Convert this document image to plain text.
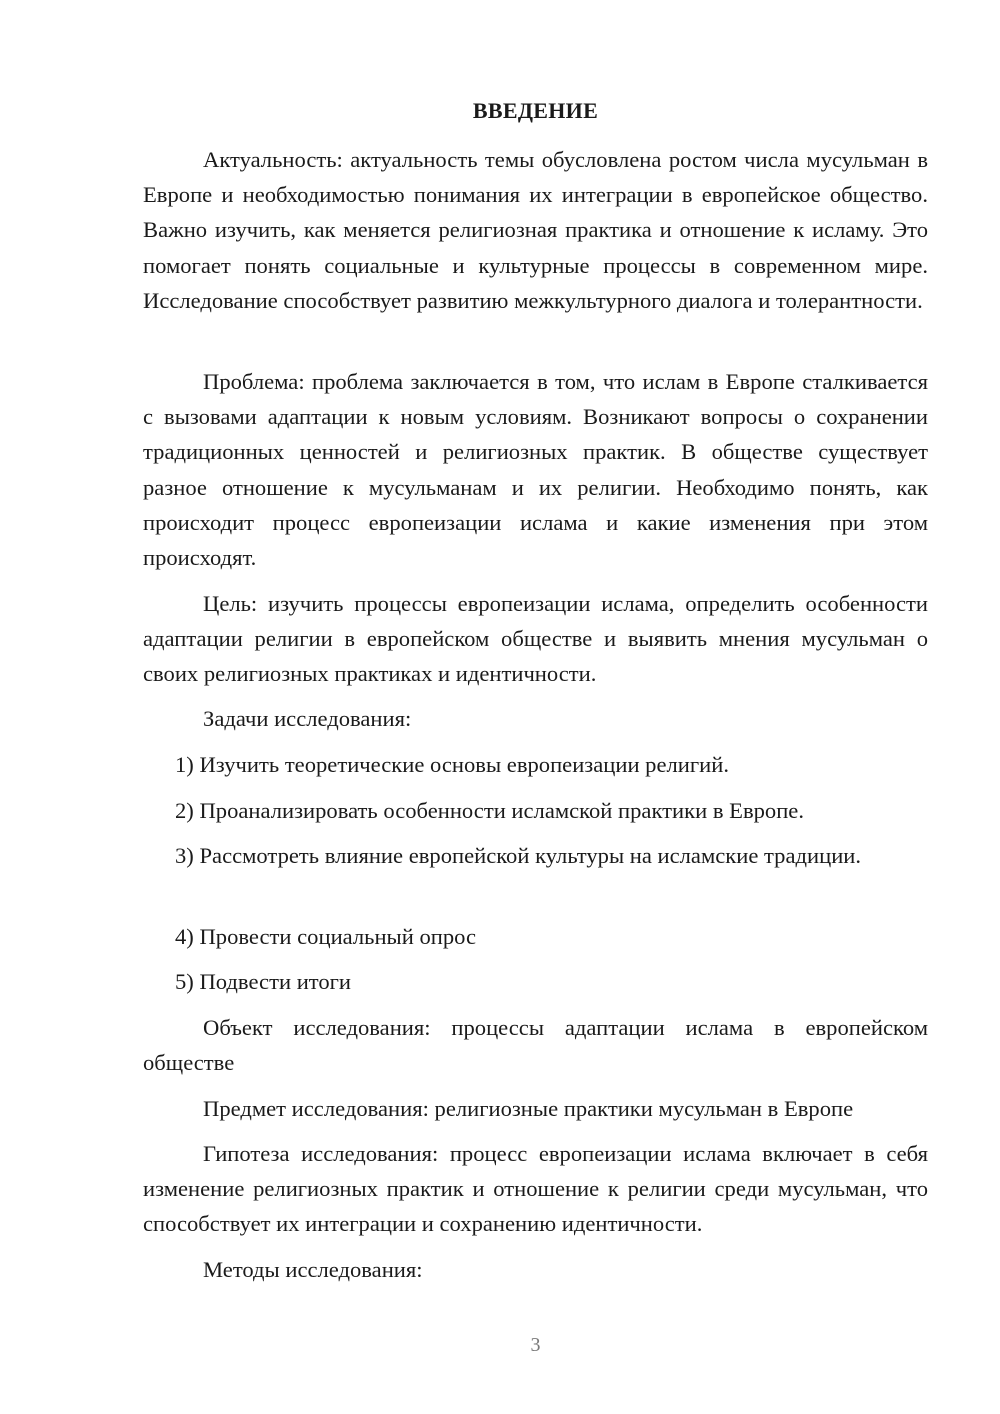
ВВЕДЕНИЕ

Актуальность: актуальность темы обусловлена ростом числа мусульман в Европе и необходимостью понимания их интеграции в европейское общество. Важно изучить, как меняется религиозная практика и отношение к исламу. Это помогает понять социальные и культурные процессы в современном мире. Исследование способствует развитию межкультурного диалога и толерантности.

Проблема: проблема заключается в том, что ислам в Европе сталкивается с вызовами адаптации к новым условиям. Возникают вопросы о сохранении традиционных ценностей и религиозных практик. В обществе существует разное отношение к мусульманам и их религии. Необходимо понять, как происходит процесс европеизации ислама и какие изменения при этом происходят.

Цель: изучить процессы европеизации ислама, определить особенности адаптации религии в европейском обществе и выявить мнения мусульман о своих религиозных практиках и идентичности.

Задачи исследования:

1) Изучить теоретические основы европеизации религий.

2) Проанализировать особенности исламской практики в Европе.

3) Рассмотреть влияние европейской культуры на исламские традиции.

4) Провести социальный опрос

5) Подвести итоги

Объект исследования: процессы адаптации ислама в европейском обществе

Предмет исследования: религиозные практики мусульман в Европе

Гипотеза исследования: процесс европеизации ислама включает в себя изменение религиозных практик и отношение к религии среди мусульман, что способствует их интеграции и сохранению идентичности.

Методы исследования:

3
